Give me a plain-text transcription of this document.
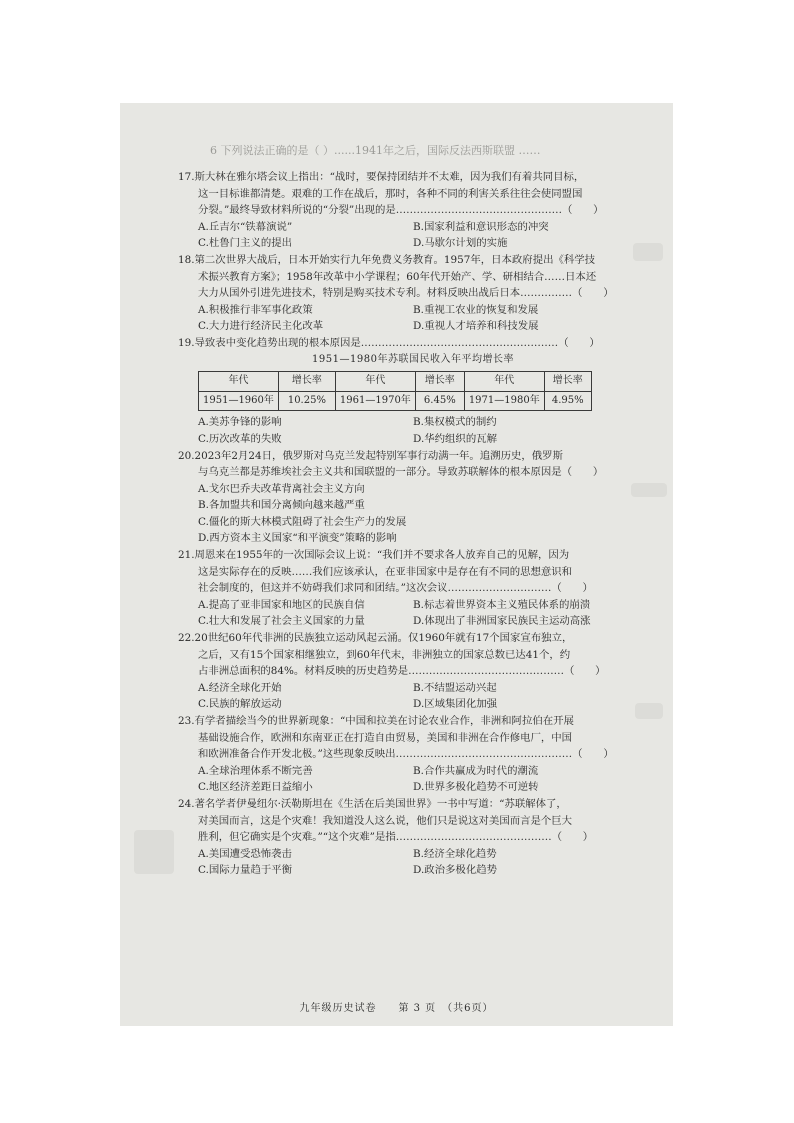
6 下列说法正确的是（ ）......1941年之后，国际反法西斯联盟 ……

17.斯大林在雅尔塔会议上指出：“战时，要保持团结并不太难，因为我们有着共同目标，

这一目标谁都清楚。艰难的工作在战后，那时，各种不同的利害关系往往会使同盟国

分裂。”最终导致材料所说的“分裂”出现的是…………………………………………（　　）

A.丘吉尔“铁幕演说”	B.国家利益和意识形态的冲突

C.杜鲁门主义的提出	D.马歇尔计划的实施

18.第二次世界大战后，日本开始实行九年免费义务教育。1957年，日本政府提出《科学技

术振兴教育方案》；1958年改革中小学课程；60年代开始产、学、研相结合……日本还

大力从国外引进先进技术，特别是购买技术专利。材料反映出战后日本……………（　　）

A.积极推行非军事化政策	B.重视工农业的恢复和发展

C.大力进行经济民主化改革	D.重视人才培养和科技发展

19.导致表中变化趋势出现的根本原因是…………………………………………………（　　）

1951—1980年苏联国民收入年平均增长率

年代	增长率	年代	增长率	年代	增长率
1951—1960年	10.25%	1961—1970年	6.45%	1971—1980年	4.95%

A.美苏争锋的影响	B.集权模式的制约

C.历次改革的失败	D.华约组织的瓦解

20.2023年2月24日，俄罗斯对乌克兰发起特别军事行动满一年。追溯历史，俄罗斯

与乌克兰都是苏维埃社会主义共和国联盟的一部分。导致苏联解体的根本原因是（　　）

A.戈尔巴乔夫改革背离社会主义方向

B.各加盟共和国分离倾向越来越严重

C.僵化的斯大林模式阻碍了社会生产力的发展

D.西方资本主义国家“和平演变”策略的影响

21.周恩来在1955年的一次国际会议上说：“我们并不要求各人放弃自己的见解，因为

这是实际存在的反映……我们应该承认，在亚非国家中是存在有不同的思想意识和

社会制度的，但这并不妨碍我们求同和团结。”这次会议…………………………（　　）

A.提高了亚非国家和地区的民族自信	B.标志着世界资本主义殖民体系的崩溃

C.壮大和发展了社会主义国家的力量	D.体现出了非洲国家民族民主运动高涨

22.20世纪60年代非洲的民族独立运动风起云涌。仅1960年就有17个国家宣布独立，

之后，又有15个国家相继独立，到60年代末，非洲独立的国家总数已达41个，约

占非洲总面积的84%。材料反映的历史趋势是………………………………………（　　）

A.经济全球化开始	B.不结盟运动兴起

C.民族的解放运动	D.区域集团化加强

23.有学者描绘当今的世界新现象：“中国和拉美在讨论农业合作，非洲和阿拉伯在开展

基础设施合作，欧洲和东南亚正在打造自由贸易，美国和非洲在合作修电厂，中国

和欧洲准备合作开发北极。”这些现象反映出……………………………………………（　　）

A.全球治理体系不断完善	B.合作共赢成为时代的潮流

C.地区经济差距日益缩小	D.世界多极化趋势不可逆转

24.著名学者伊曼纽尔·沃勒斯坦在《生活在后美国世界》一书中写道：“苏联解体了，

对美国而言，这是个灾难！我知道没人这么说，他们只是说这对美国而言是个巨大

胜利，但它确实是个灾难。”“这个灾难”是指………………………………………（　　）

A.美国遭受恐怖袭击	B.经济全球化趋势

C.国际力量趋于平衡	D.政治多极化趋势

九年级历史试卷　　第 3 页　（共6页）
